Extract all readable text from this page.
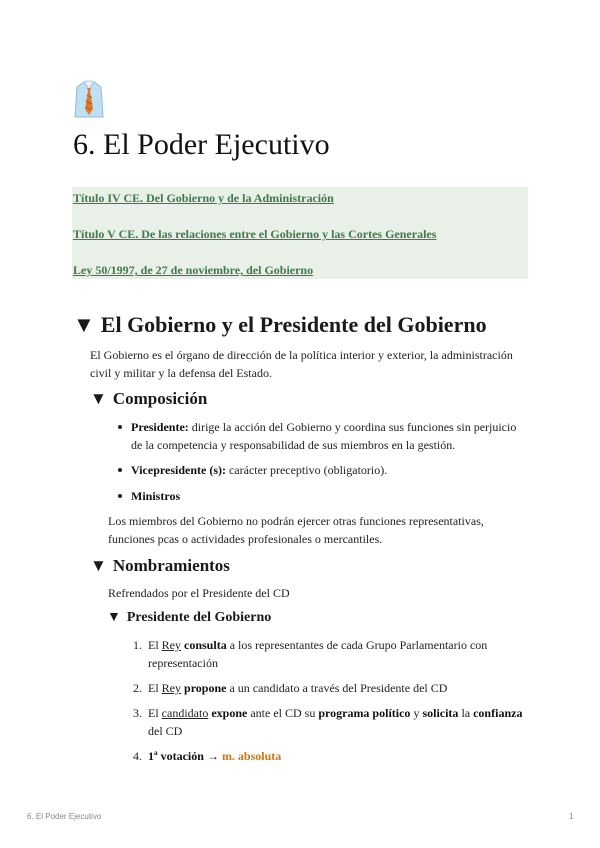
6. El Poder Ejecutivo
Título IV CE. Del Gobierno y de la Administración
Título V CE. De las relaciones entre el Gobierno y las Cortes Generales
Ley 50/1997, de 27 de noviembre, del Gobierno
▼ El Gobierno y el Presidente del Gobierno

El Gobierno es el órgano de dirección de la política interior y exterior, la administración
civil y militar y la defensa del Estado.

▼ Composición

Presidente: dirige la acción del Gobierno y coordina sus funciones sin perjuicio
de la competencia y responsabilidad de sus miembros en la gestión.

Vicepresidente (s): carácter preceptivo (obligatorio).

Ministros

Los miembros del Gobierno no podrán ejercer otras funciones representativas,
funciones pcas o actividades profesionales o mercantiles.

▼ Nombramientos

Refrendados por el Presidente del CD

▼ Presidente del Gobierno
1. El Rey consulta a los representantes de cada Grupo Parlamentario con
representación

2. El Rey propone a un candidato a través del Presidente del CD

3. El candidato expone ante el CD su programa político y solicita la confianza
del CD

4. 1ª votación → m. absoluta

6. El Poder Ejecutivo	1
